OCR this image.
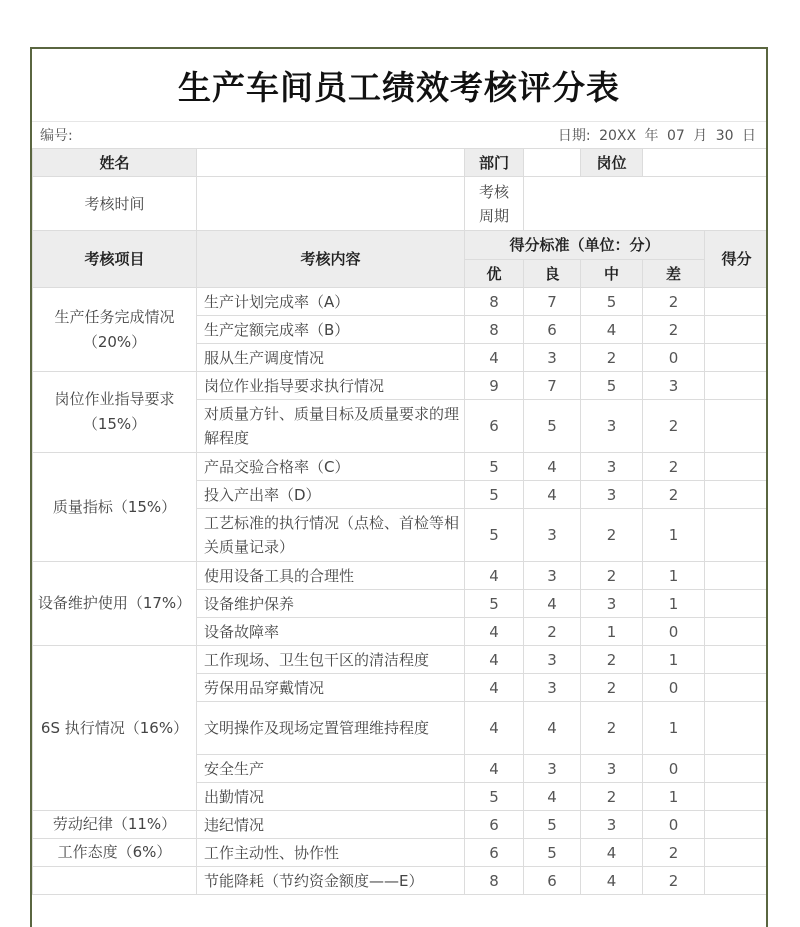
生产车间员工绩效考核评分表
编号:	日期: 20XX 年 07 月 30 日
姓名		部门		岗位		
考核时间		考核周期				
考核项目	考核内容	得分标准（单位：分）				得分
		优	良	中	差	
生产任务完成情况（20%）	生产计划完成率（A）	8	7	5	2	
	生产定额完成率（B）	8	6	4	2	
	服从生产调度情况	4	3	2	0	
岗位作业指导要求（15%）	岗位作业指导要求执行情况	9	7	5	3	
	对质量方针、质量目标及质量要求的理解程度	6	5	3	2	
质量指标（15%）	产品交验合格率（C）	5	4	3	2	
	投入产出率（D）	5	4	3	2	
	工艺标准的执行情况（点检、首检等相关质量记录）	5	3	2	1	
设备维护使用（17%）	使用设备工具的合理性	4	3	2	1	
	设备维护保养	5	4	3	1	
	设备故障率	4	2	1	0	
6S 执行情况（16%）	工作现场、卫生包干区的清洁程度	4	3	2	1	
	劳保用品穿戴情况	4	3	2	0	
	文明操作及现场定置管理维持程度	4	4	2	1	
	安全生产	4	3	3	0	
	出勤情况	5	4	2	1	
劳动纪律（11%）	违纪情况	6	5	3	0	
工作态度（6%）	工作主动性、协作性	6	5	4	2	
	节能降耗（节约资金额度——E）	8	6	4	2	
